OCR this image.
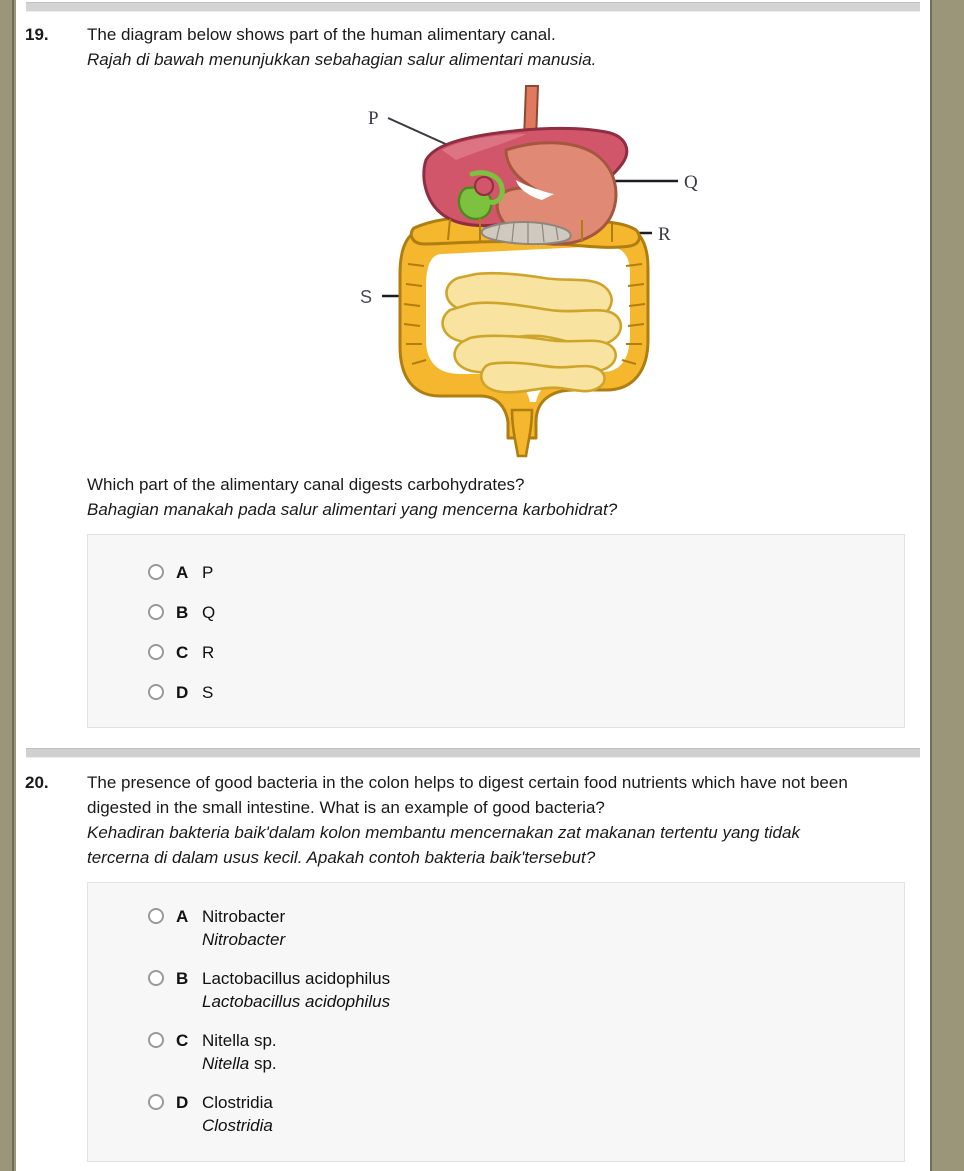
19.	The diagram below shows part of the human alimentary canal.
Rajah di bawah menunjukkan sebahagian salur alimentari manusia.
P
Q
R
S
Which part of the alimentary canal digests carbohydrates?
Bahagian manakah pada salur alimentari yang mencerna karbohidrat?
A P
B Q
C R
D S
20.	The presence of good bacteria in the colon helps to digest certain food nutrients which have not been
digested in the small intestine. What is an example of good bacteria?
Kehadiran bakteria baik'dalam kolon membantu mencernakan zat makanan tertentu yang tidak
tercerna di dalam usus kecil. Apakah contoh bakteria baik'tersebut?
A Nitrobacter
Nitrobacter
B Lactobacillus acidophilus
Lactobacillus acidophilus
C Nitella sp.
Nitella sp.
D Clostridia
Clostridia
